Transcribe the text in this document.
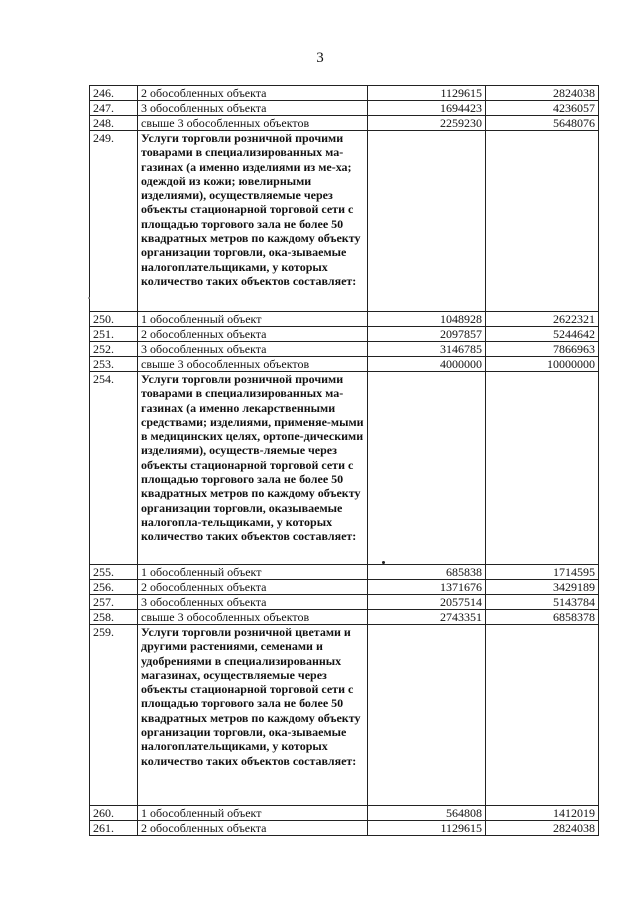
3
246.	2 обособленных объекта	1129615	2824038
247.	3 обособленных объекта	1694423	4236057
248.	свыше 3 обособленных объектов	2259230	5648076
249.	Услуги торговли розничной прочими товарами в специализированных ма-газинах (а именно изделиями из ме-ха; одеждой из кожи; ювелирными изделиями), осуществляемые через объекты стационарной торговой сети с площадью торгового зала не более 50 квадратных метров по каждому объекту организации торговли, ока-зываемые налогоплательщиками, у которых количество таких объектов составляет:		
250.	1 обособленный объект	1048928	2622321
251.	2 обособленных объекта	2097857	5244642
252.	3 обособленных объекта	3146785	7866963
253.	свыше 3 обособленных объектов	4000000	10000000
254.	Услуги торговли розничной прочими товарами в специализированных ма-газинах (а именно лекарственными средствами; изделиями, применяе-мыми в медицинских целях, ортопе-дическими изделиями), осуществ-ляемые через объекты стационарной торговой сети с площадью торгового зала не более 50 квадратных метров по каждому объекту организации торговли, оказываемые налогопла-тельщиками, у которых количество таких объектов составляет:		
255.	1 обособленный объект	685838	1714595
256.	2 обособленных объекта	1371676	3429189
257.	3 обособленных объекта	2057514	5143784
258.	свыше 3 обособленных объектов	2743351	6858378
259.	Услуги торговли розничной цветами и другими растениями, семенами и удобрениями в специализированных магазинах, осуществляемые через объекты стационарной торговой сети с площадью торгового зала не более 50 квадратных метров по каждому объекту организации торговли, ока-зываемые налогоплательщиками, у которых количество таких объектов составляет:		
260.	1 обособленный объект	564808	1412019
261.	2 обособленных объекта	1129615	2824038
